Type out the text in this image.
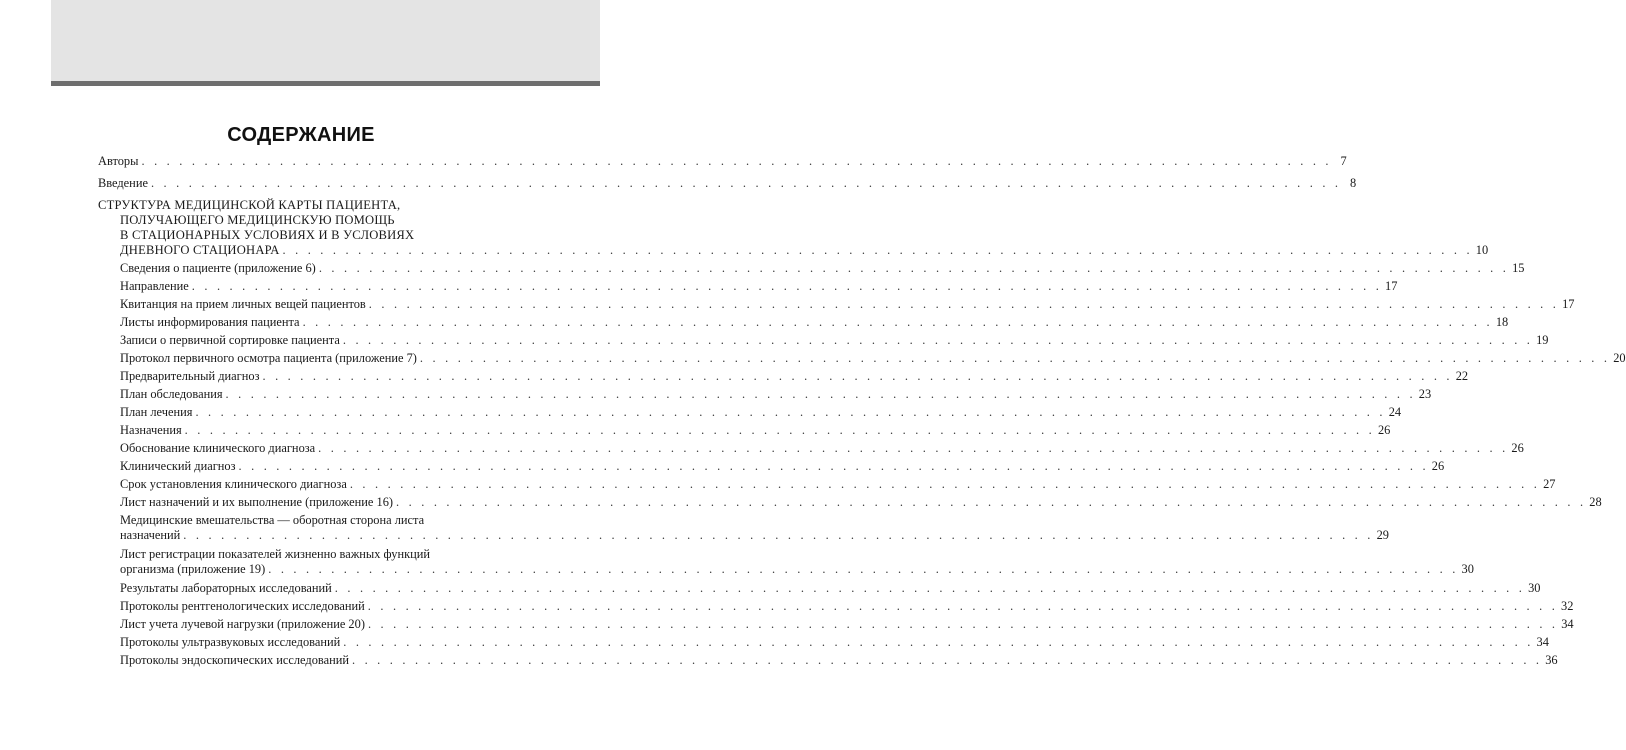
СОДЕРЖАНИЕ
Авторы . . .	7
Введение . . .	8
СТРУКТУРА МЕДИЦИНСКОЙ КАРТЫ ПАЦИЕНТА,
ПОЛУЧАЮЩЕГО МЕДИЦИНСКУЮ ПОМОЩЬ
В СТАЦИОНАРНЫХ УСЛОВИЯХ И В УСЛОВИЯХ
ДНЕВНОГО СТАЦИОНАРА . . .	10
Сведения о пациенте (приложение 6) . . .	15
Направление . . .	17
Квитанция на прием личных вещей пациентов . . .	17
Листы информирования пациента . . .	18
Записи о первичной сортировке пациента . . .	19
Протокол первичного осмотра пациента (приложение 7) . . .	20
Предварительный диагноз . . .	22
План обследования . . .	23
План лечения . . .	24
Назначения . . .	26
Обоснование клинического диагноза . . .	26
Клинический диагноз . . .	26
Срок установления клинического диагноза . . .	27
Лист назначений и их выполнение (приложение 16) . . .	28
Медицинские вмешательства — оборотная сторона листа
назначений . . .	29
Лист регистрации показателей жизненно важных функций
организма (приложение 19) . . .	30
Результаты лабораторных исследований . . .	30
Протоколы рентгенологических исследований . . .	32
Лист учета лучевой нагрузки (приложение 20) . . .	34
Протоколы ультразвуковых исследований . . .	34
Протоколы эндоскопических исследований . . .	36
